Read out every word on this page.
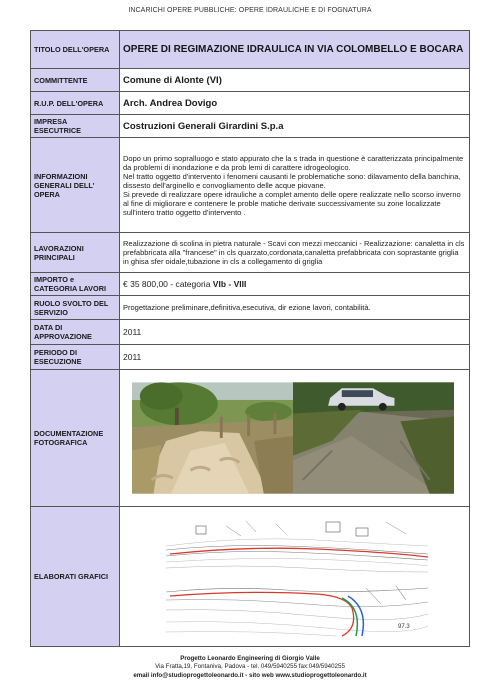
INCARICHI OPERE PUBBLICHE: OPERE IDRAULICHE E DI FOGNATURA
TITOLO DELL'OPERA	OPERE DI REGIMAZIONE IDRAULICA IN VIA COLOMBELLO E BOCARA
COMMITTENTE	Comune di Alonte (VI)
R.U.P. DELL'OPERA	Arch. Andrea Dovigo
IMPRESA ESECUTRICE	Costruzioni Generali Girardini S.p.a
INFORMAZIONI GENERALI DELL' OPERA	Dopo un primo sopralluogo e stato appurato che la s trada in questione è caratterizzata principalmente da problemi di inondazione e da prob lemi di carattere idrogeologico.

Nel tratto oggetto d'intervento i fenomeni causanti le problematiche sono: dilavamento della banchina, dissesto dell'arginello e convogliamento delle acque piovane.

Si prevede di realizzare opere idrauliche a complet amento delle opere realizzate nello scorso inverno al fine di migliorare e contenere le proble matiche derivate successivamente su zone localizzate sull'intero tratto oggetto d'intervento .

LAVORAZIONI PRINCIPALI	Realizzazione di scolina in pietra naturale - Scavi con mezzi meccanici - Realizzazione: canaletta in cls prefabbricata alla "francese" in cls quarzato,cordonata,canaletta prefabbricata con soprastante griglia in ghisa sfer oidale,tubazione in cls a collegamento di griglia

IMPORTO e CATEGORIA LAVORI	€ 35 800,00 - categoria VIb - VIII
RUOLO SVOLTO DEL SERVIZIO	Progettazione preliminare,definitiva,esecutiva, dir ezione lavori, contabilità.
DATA DI APPROVAZIONE	2011
PERIODO DI ESECUZIONE	2011
DOCUMENTAZIONE FOTOGRAFICA	

ELABORATI GRAFICI	97.3
Progetto Leonardo Engineering di Giorgio Valle
Via Fratta,19, Fontaniva, Padova - tel. 049/5940255 fax:049/5940255
email info@studioprogettoleonardo.it - sito web www.studioprogettoleonardo.it
